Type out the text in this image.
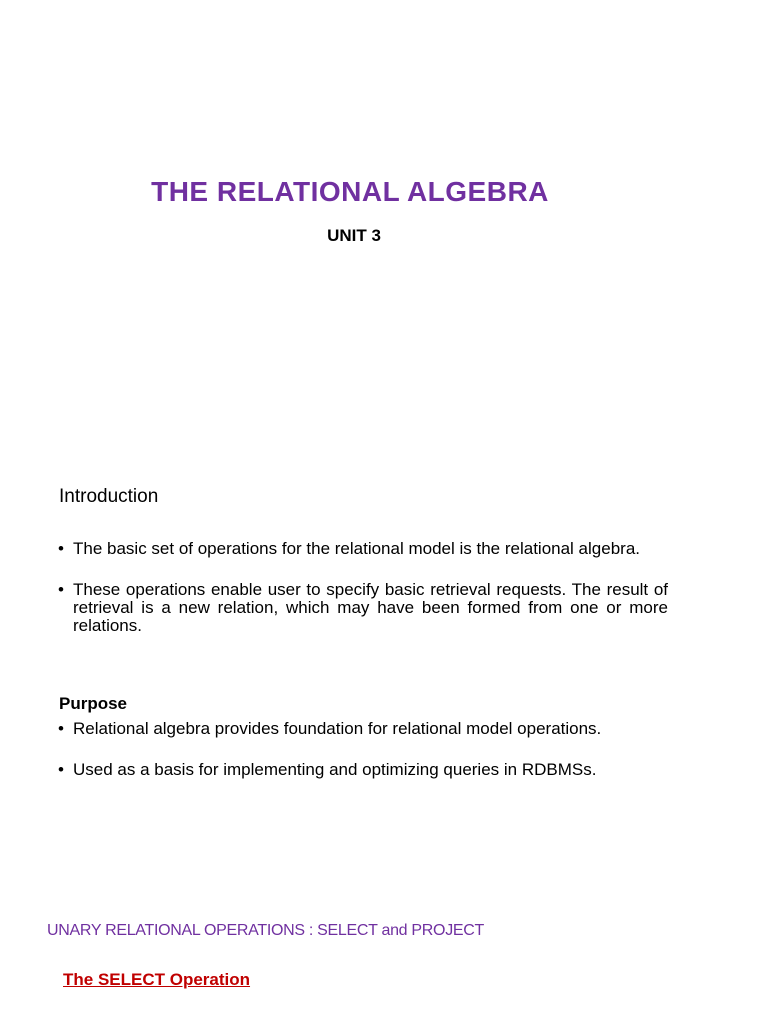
THE RELATIONAL ALGEBRA
UNIT 3
Introduction
• The basic set of operations for the relational model is the relational algebra.
• These operations enable user to specify basic retrieval requests. The result of retrieval is a new relation, which may have been formed from one or more relations.
Purpose
• Relational algebra provides foundation for relational model operations.
• Used as a basis for implementing and optimizing queries in RDBMSs.
UNARY RELATIONAL OPERATIONS : SELECT and PROJECT
The SELECT Operation
